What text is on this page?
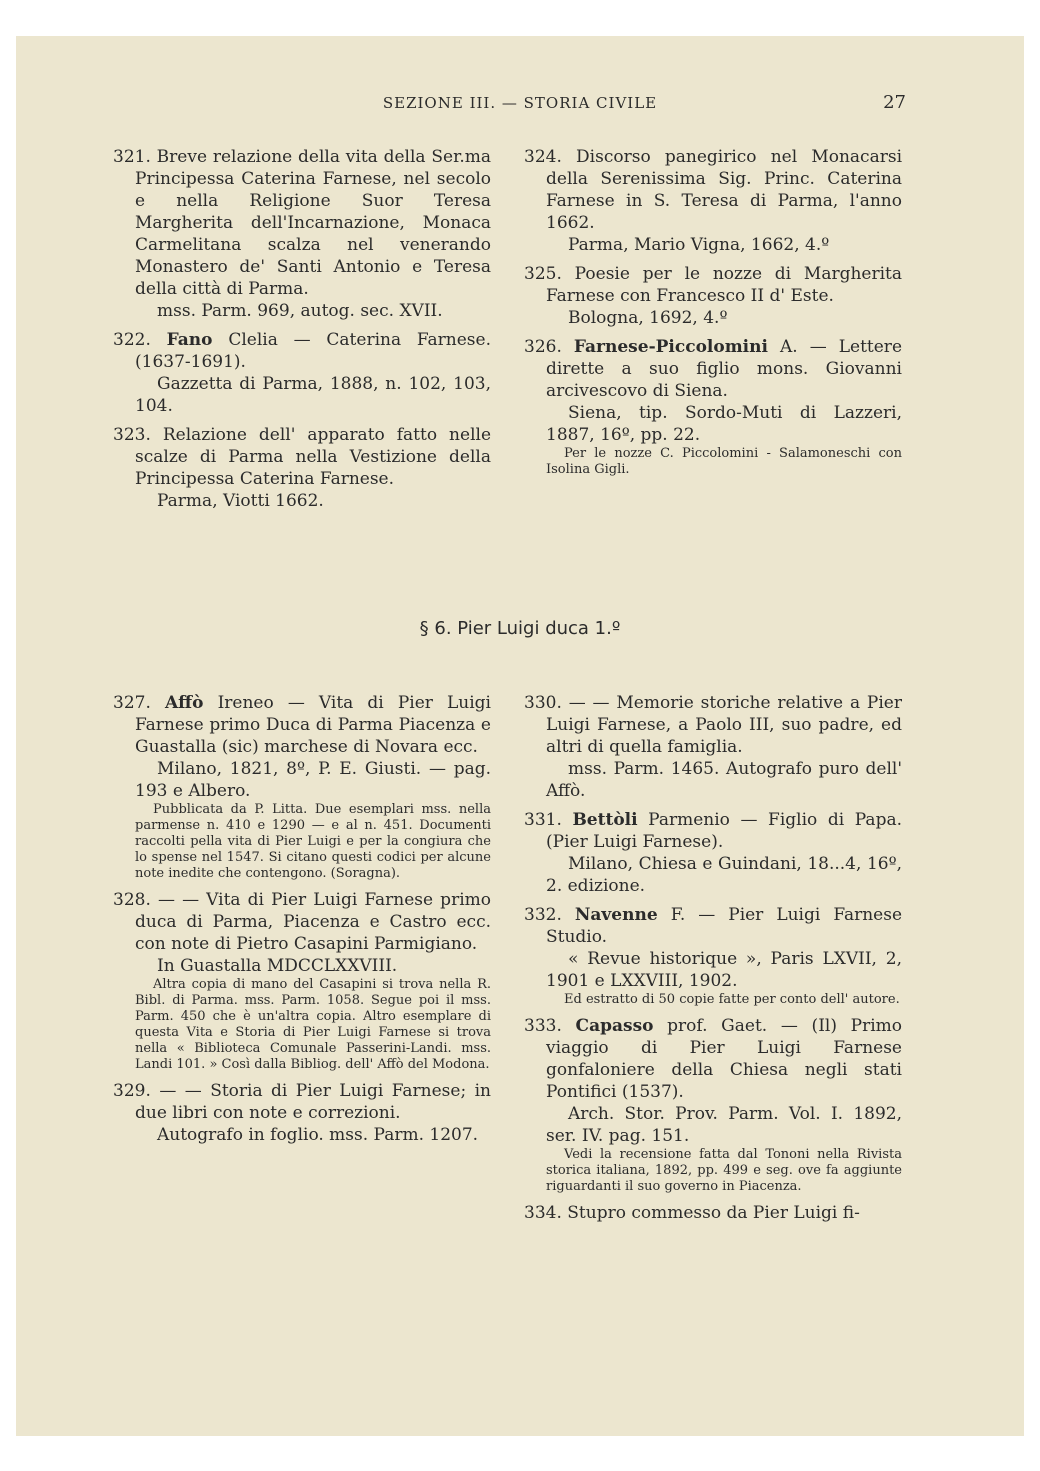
SEZIONE III. — STORIA CIVILE	27

321. Breve relazione della vita della Ser.ma Principessa Caterina Farnese, nel secolo e nella Religione Suor Teresa Margherita dell'Incarnazione, Monaca Carmelitana scalza nel venerando Monastero de' Santi Antonio e Teresa della città di Parma.

mss. Parm. 969, autog. sec. XVII.

322. Fano Clelia — Caterina Farnese. (1637-1691).

Gazzetta di Parma, 1888, n. 102, 103, 104.

323. Relazione dell' apparato fatto nelle scalze di Parma nella Vestizione della Principessa Caterina Farnese.

Parma, Viotti 1662.

324. Discorso panegirico nel Monacarsi della Serenissima Sig. Princ. Caterina Farnese in S. Teresa di Parma, l'anno 1662.

Parma, Mario Vigna, 1662, 4.º

325. Poesie per le nozze di Margherita Farnese con Francesco II d' Este.

Bologna, 1692, 4.º

326. Farnese-Piccolomini A. — Lettere dirette a suo figlio mons. Giovanni arcivescovo di Siena.

Siena, tip. Sordo-Muti di Lazzeri, 1887, 16º, pp. 22.

Per le nozze C. Piccolomini - Salamoneschi con Isolina Gigli.

§ 6. Pier Luigi duca 1.º

327. Affò Ireneo — Vita di Pier Luigi Farnese primo Duca di Parma Piacenza e Guastalla (sic) marchese di Novara ecc.

Milano, 1821, 8º, P. E. Giusti. — pag. 193 e Albero.

Pubblicata da P. Litta. Due esemplari mss. nella parmense n. 410 e 1290 — e al n. 451. Documenti raccolti pella vita di Pier Luigi e per la congiura che lo spense nel 1547. Si citano questi codici per alcune note inedite che contengono. (Soragna).

328. — — Vita di Pier Luigi Farnese primo duca di Parma, Piacenza e Castro ecc. con note di Pietro Casapini Parmigiano.

In Guastalla MDCCLXXVIII.

Altra copia di mano del Casapini si trova nella R. Bibl. di Parma. mss. Parm. 1058. Segue poi il mss. Parm. 450 che è un'altra copia. Altro esemplare di questa Vita e Storia di Pier Luigi Farnese si trova nella « Biblioteca Comunale Passerini-Landi. mss. Landi 101. » Così dalla Bibliog. dell' Affò del Modona.

329. — — Storia di Pier Luigi Farnese; in due libri con note e correzioni.

Autografo in foglio. mss. Parm. 1207.

330. — — Memorie storiche relative a Pier Luigi Farnese, a Paolo III, suo padre, ed altri di quella famiglia.

mss. Parm. 1465. Autografo puro dell' Affò.

331. Bettòli Parmenio — Figlio di Papa. (Pier Luigi Farnese).

Milano, Chiesa e Guindani, 18...4, 16º, 2. edizione.

332. Navenne F. — Pier Luigi Farnese Studio.

« Revue historique », Paris LXVII, 2, 1901 e LXXVIII, 1902.

Ed estratto di 50 copie fatte per conto dell' autore.

333. Capasso prof. Gaet. — (Il) Primo viaggio di Pier Luigi Farnese gonfaloniere della Chiesa negli stati Pontifici (1537).

Arch. Stor. Prov. Parm. Vol. I. 1892, ser. IV. pag. 151.

Vedi la recensione fatta dal Tononi nella Rivista storica italiana, 1892, pp. 499 e seg. ove fa aggiunte riguardanti il suo governo in Piacenza.

334. Stupro commesso da Pier Luigi fi-
